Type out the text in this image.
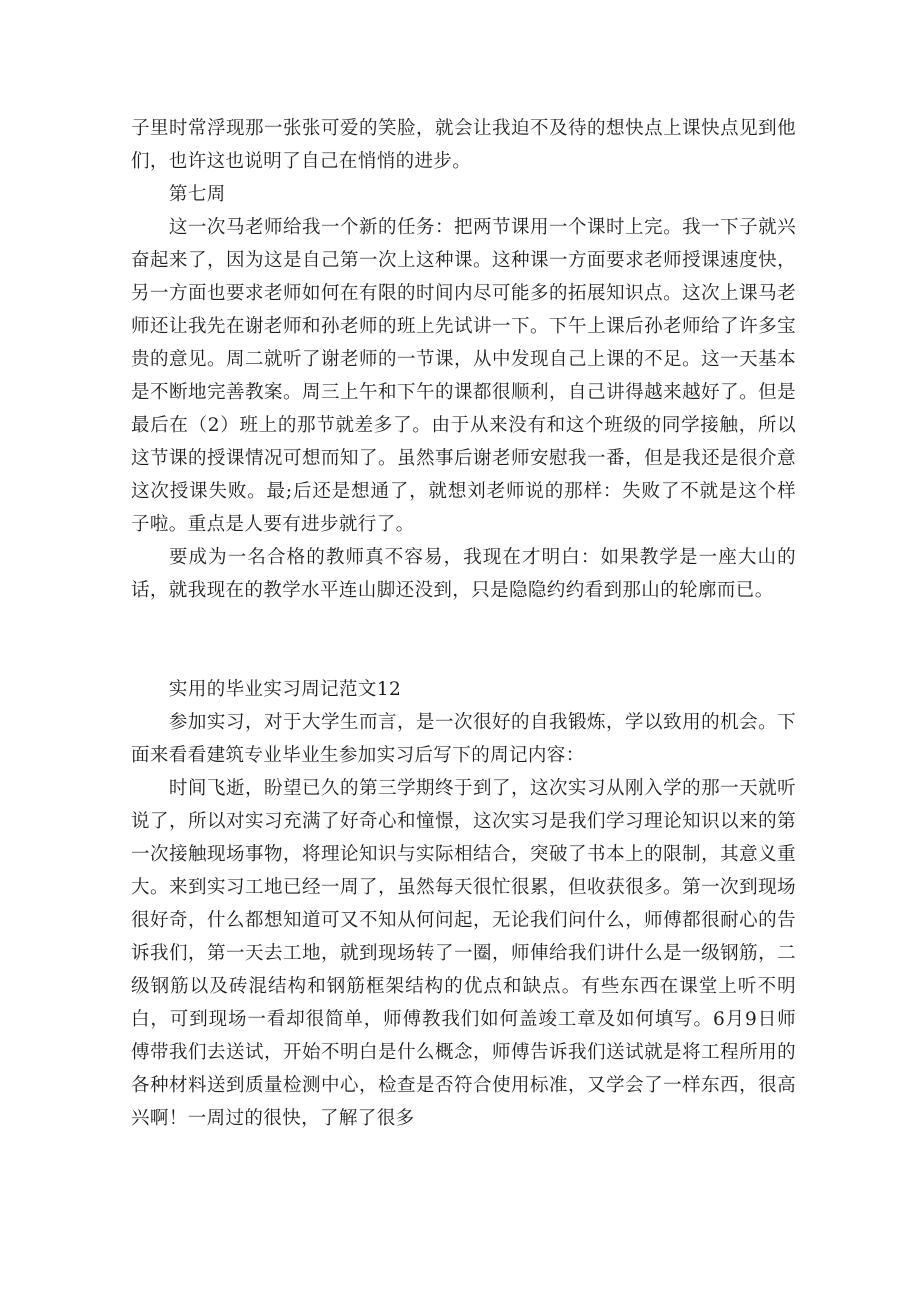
子里时常浮现那一张张可爱的笑脸，就会让我迫不及待的想快点上课快点见到他们，也许这也说明了自己在悄悄的进步。

第七周

这一次马老师给我一个新的任务：把两节课用一个课时上完。我一下子就兴奋起来了，因为这是自己第一次上这种课。这种课一方面要求老师授课速度快，另一方面也要求老师如何在有限的时间内尽可能多的拓展知识点。这次上课马老师还让我先在谢老师和孙老师的班上先试讲一下。下午上课后孙老师给了许多宝贵的意见。周二就听了谢老师的一节课，从中发现自己上课的不足。这一天基本是不断地完善教案。周三上午和下午的课都很顺利，自己讲得越来越好了。但是最后在（2）班上的那节就差多了。由于从来没有和这个班级的同学接触，所以这节课的授课情况可想而知了。虽然事后谢老师安慰我一番，但是我还是很介意这次授课失败。最;后还是想通了，就想刘老师说的那样：失败了不就是这个样子啦。重点是人要有进步就行了。

要成为一名合格的教师真不容易，我现在才明白：如果教学是一座大山的话，就我现在的教学水平连山脚还没到，只是隐隐约约看到那山的轮廓而已。

实用的毕业实习周记范文12

参加实习，对于大学生而言，是一次很好的自我锻炼，学以致用的机会。下面来看看建筑专业毕业生参加实习后写下的周记内容：

时间飞逝，盼望已久的第三学期终于到了，这次实习从刚入学的那一天就听说了，所以对实习充满了好奇心和憧憬，这次实习是我们学习理论知识以来的第一次接触现场事物，将理论知识与实际相结合，突破了书本上的限制，其意义重大。来到实习工地已经一周了，虽然每天很忙很累，但收获很多。第一次到现场很好奇，什么都想知道可又不知从何问起，无论我们问什么，师傅都很耐心的告诉我们，第一天去工地，就到现场转了一圈，师俥给我们讲什么是一级钢筋，二级钢筋以及砖混结构和钢筋框架结构的优点和缺点。有些东西在课堂上听不明白，可到现场一看却很简单，师傅教我们如何盖竣工章及如何填写。6月9日师傅带我们去送试，开始不明白是什么概念，师傅告诉我们送试就是将工程所用的各种材料送到质量检测中心，检查是否符合使用标准，又学会了一样东西，很高兴啊！一周过的很快，了解了很多
